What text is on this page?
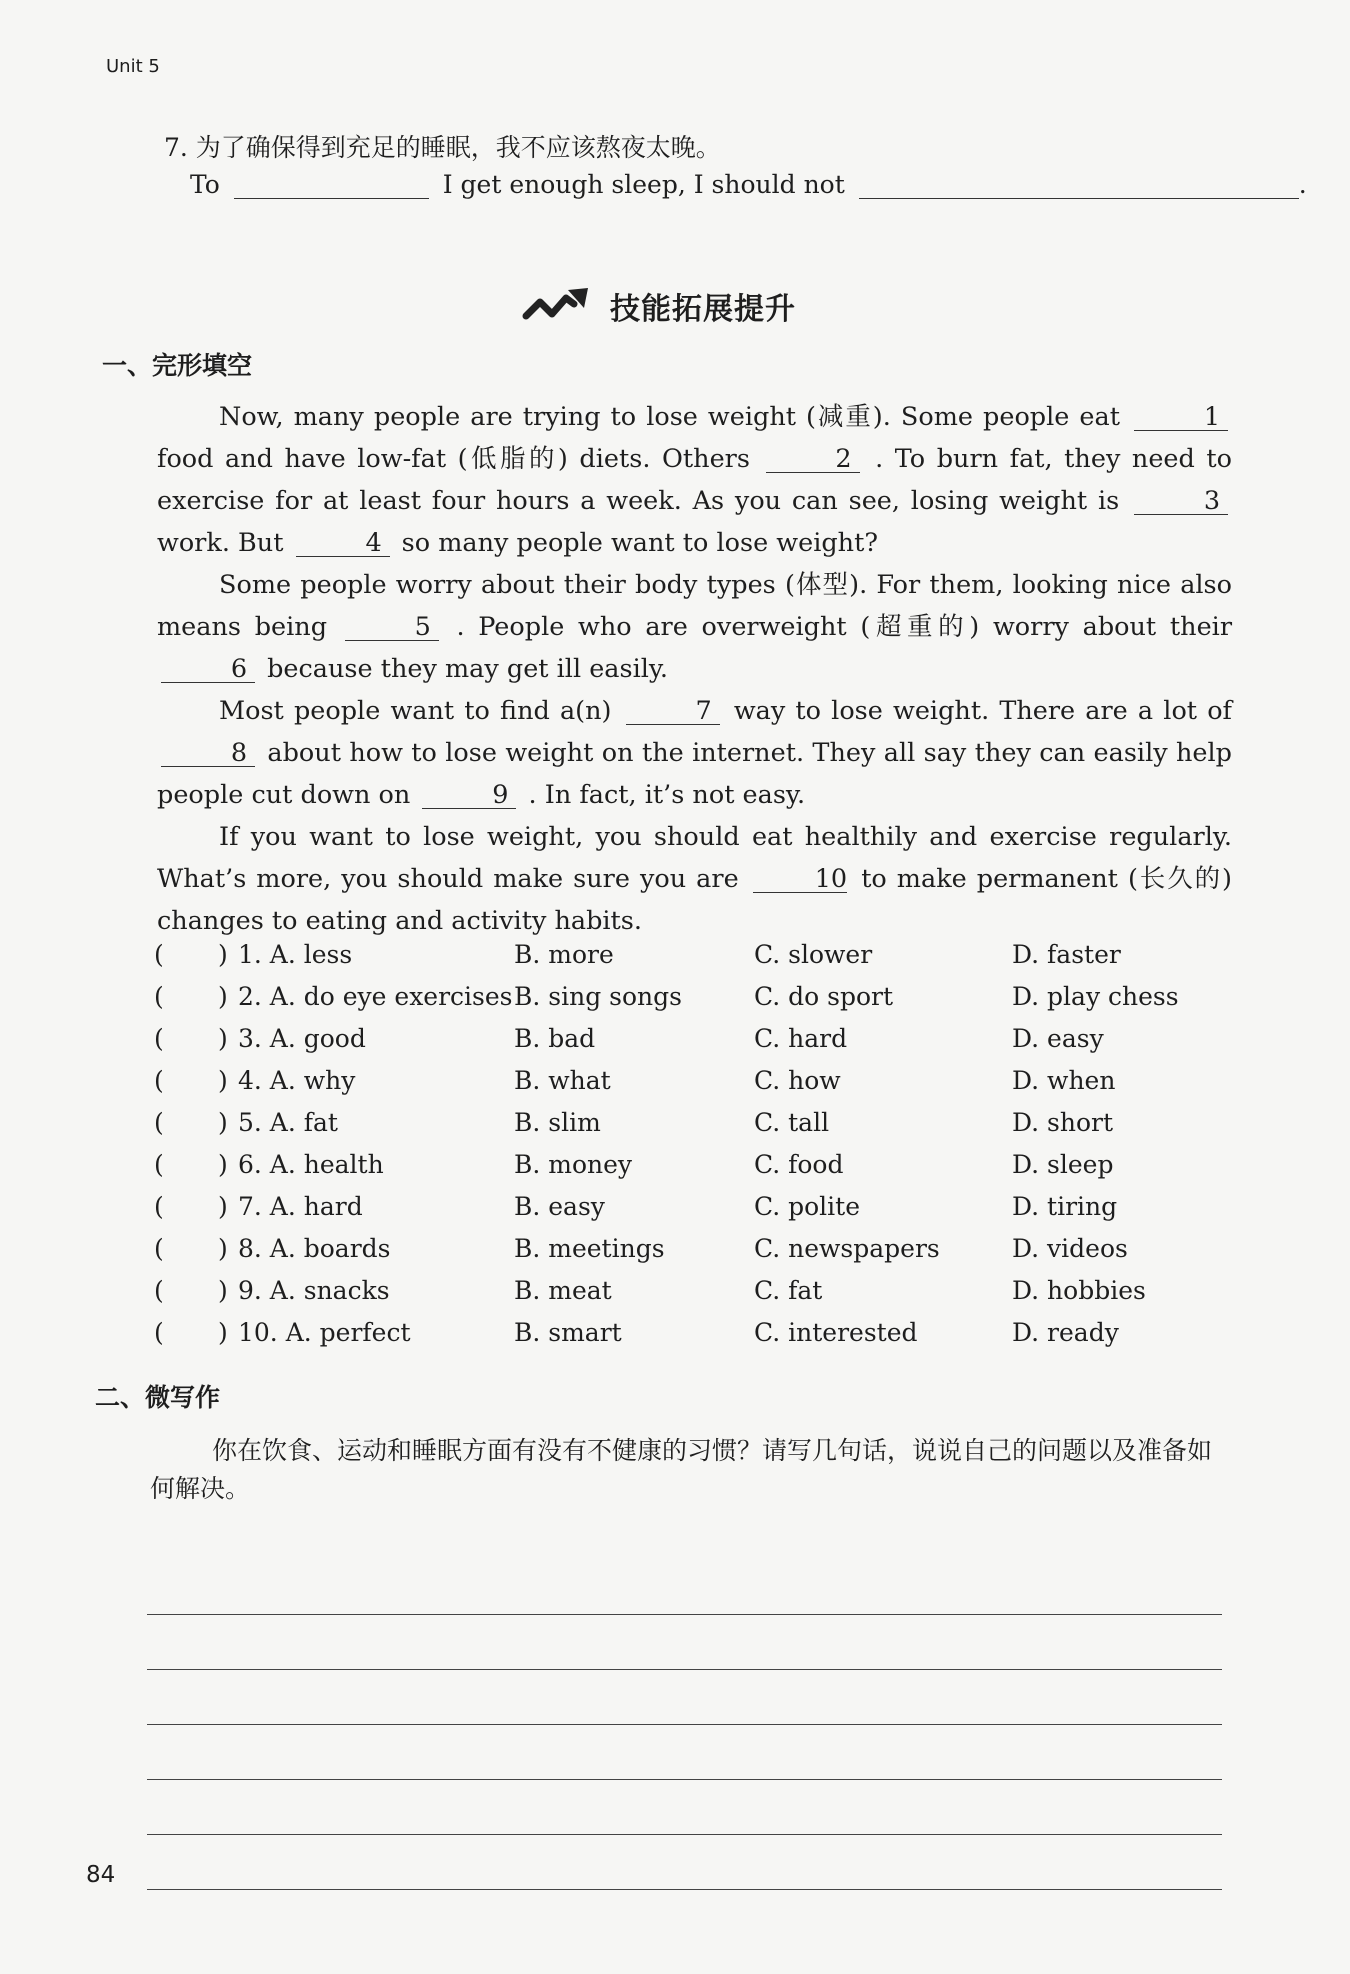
Unit 5
7. 为了确保得到充足的睡眠，我不应该熬夜太晚。
To	I get enough sleep, I should not	.
技能拓展提升
一、完形填空

Now, many people are trying to lose weight (减重). Some people eat	1 food and have low-fat (低脂的) diets. Others	2 . To burn fat, they need to exercise for at least four hours a week. As you can see, losing weight is	3 work. But	4 so many people want to lose weight?

Some people worry about their body types (体型). For them, looking nice also means being	5 . People who are overweight (超重的) worry about their 6 because they may get ill easily.

Most people want to find a(n)	7 way to lose weight. There are a lot of 8 about how to lose weight on the internet. They all say they can easily help people cut down on	9 . In fact, it’s not easy.

If you want to lose weight, you should eat healthily and exercise regularly. What’s more, you should make sure you are	10 to make permanent (长久的) changes to eating and activity habits.

( ) 1. A. less	B. more	C. slower	D. faster
( ) 2. A. do eye exercises B. sing songs	C. do sport	D. play chess
( ) 3. A. good	B. bad	C. hard	D. easy
( ) 4. A. why	B. what	C. how	D. when
( ) 5. A. fat	B. slim	C. tall	D. short
( ) 6. A. health	B. money	C. food	D. sleep
( ) 7. A. hard	B. easy	C. polite	D. tiring
( ) 8. A. boards	B. meetings	C. newspapers	D. videos
( ) 9. A. snacks	B. meat	C. fat	D. hobbies
( ) 10. A. perfect	B. smart	C. interested	D. ready
二、微写作

你在饮食、运动和睡眠方面有没有不健康的习惯？请写几句话，说说自己的问题以及准备如何解决。

84
